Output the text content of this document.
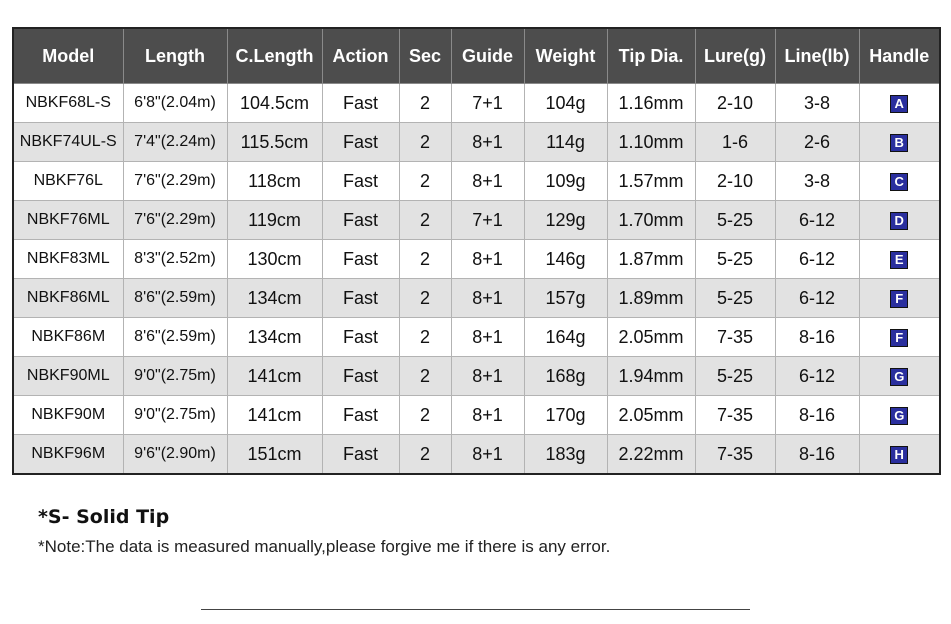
Model	Length	C.Length	Action	Sec	Guide	Weight	Tip Dia.	Lure(g)	Line(lb)	Handle
NBKF68L-S	6'8"(2.04m)	104.5cm	Fast	2	7+1	104g	1.16mm	2-10	3-8	A
NBKF74UL-S	7'4"(2.24m)	115.5cm	Fast	2	8+1	114g	1.10mm	1-6	2-6	B
NBKF76L	7'6"(2.29m)	118cm	Fast	2	8+1	109g	1.57mm	2-10	3-8	C
NBKF76ML	7'6"(2.29m)	119cm	Fast	2	7+1	129g	1.70mm	5-25	6-12	D
NBKF83ML	8'3"(2.52m)	130cm	Fast	2	8+1	146g	1.87mm	5-25	6-12	E
NBKF86ML	8'6"(2.59m)	134cm	Fast	2	8+1	157g	1.89mm	5-25	6-12	F
NBKF86M	8'6"(2.59m)	134cm	Fast	2	8+1	164g	2.05mm	7-35	8-16	F
NBKF90ML	9'0"(2.75m)	141cm	Fast	2	8+1	168g	1.94mm	5-25	6-12	G
NBKF90M	9'0"(2.75m)	141cm	Fast	2	8+1	170g	2.05mm	7-35	8-16	G
NBKF96M	9'6"(2.90m)	151cm	Fast	2	8+1	183g	2.22mm	7-35	8-16	H
*S- Solid Tip
*Note:The data is measured manually,please forgive me if there is any error.
